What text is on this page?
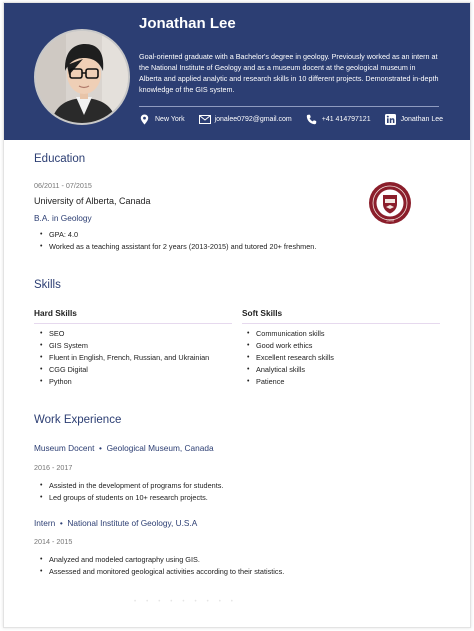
Jonathan Lee
Goal-oriented graduate with a Bachelor's degree in geology. Previously worked as an intern at the National Institute of Geology and as a museum docent at the geological museum in Alberta and applied analytic and research skills in 10 different projects. Demonstrated in-depth knowledge of the GIS system.
New York	jonalee0792@gmail.com	+41 414797121	Jonathan Lee
Education
06/2011 - 07/2015
University of Alberta, Canada
B.A. in Geology
• GPA: 4.0
• Worked as a teaching assistant for 2 years (2013-2015) and tutored 20+ freshmen.
1908
Skills
Hard Skills	Soft Skills
• SEO
• GIS System
• Fluent in English, French, Russian, and Ukrainian
• CGG Digital
• Python
• Communication skills
• Good work ethics
• Excellent research skills
• Analytical skills
• Patience
Work Experience
Museum Docent  •  Geological Museum, Canada
2016 - 2017
• Assisted in the development of programs for students.
• Led groups of students on 10+ research projects.
Intern  •  National Institute of Geology, U.S.A
2014 - 2015
• Analyzed and modeled cartography using GIS.
• Assessed and monitored geological activities according to their statistics.
•••••••••
